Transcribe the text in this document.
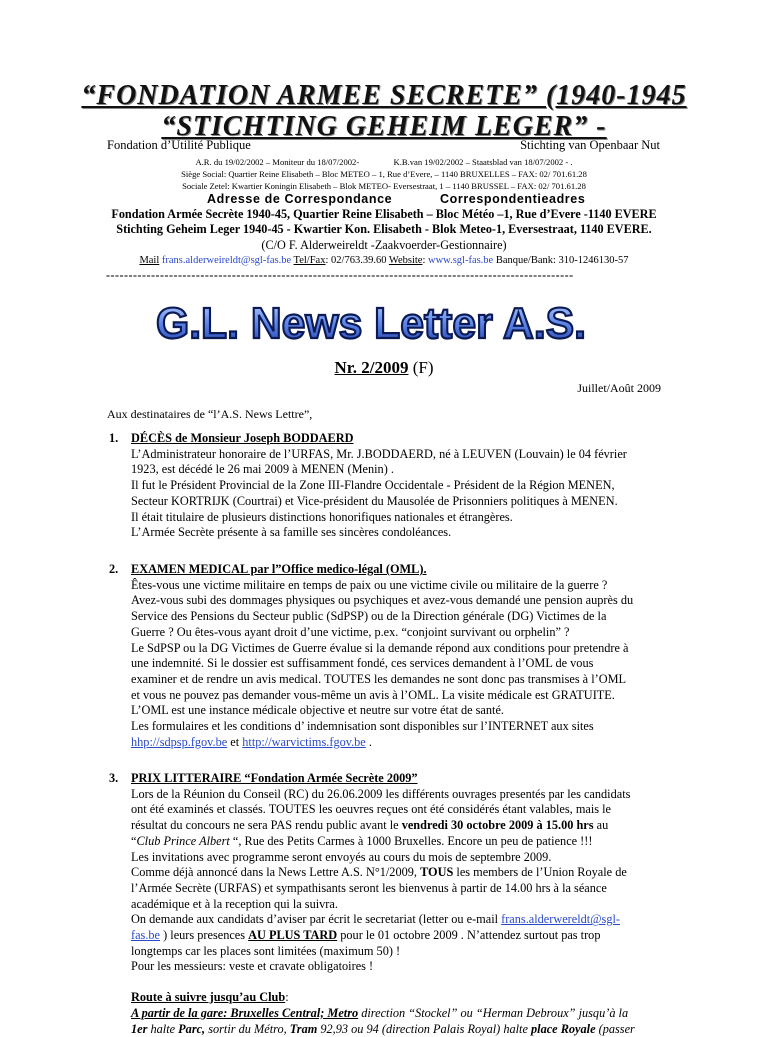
“FONDATION ARMEE SECRETE” (1940-1945
“STICHTING GEHEIM LEGER” -
Fondation d’Utilité Publique	Stichting van Openbaar Nut
A.R. du 19/02/2002 – Moniteur du 18/07/2002-	K.B.van 19/02/2002 – Staatsblad van 18/07/2002 - .
Siège Social: Quartier Reine Elisabeth – Bloc METEO – 1, Rue d’Evere, – 1140 BRUXELLES – FAX: 02/ 701.61.28
Sociale Zetel: Kwartier Koningin Elisabeth – Blok METEO- Eversestraat, 1 – 1140 BRUSSEL – FAX: 02/ 701.61.28
Adresse de Correspondance	Correspondentieadres
Fondation Armée Secrète 1940-45, Quartier Reine Elisabeth – Bloc Météo –1, Rue d’Evere -1140 EVERE
Stichting Geheim Leger 1940-45 - Kwartier Kon. Elisabeth - Blok Meteo-1, Eversestraat, 1140 EVERE.
(C/O F. Alderweireldt -Zaakvoerder-Gestionnaire)
Mail frans.alderweireldt@sgl-fas.be Tel/Fax: 02/763.39.60 Website: www.sgl-fas.be Banque/Bank: 310-1246130-57
--------------------------------------------------------------------------------------------------------
G.L. News Letter A.S.
Nr. 2/2009 (F)
Juillet/Août 2009
Aux destinataires de “l’A.S. News Lettre”,
1. DÉCÈS de Monsieur Joseph BODDAERD

L’Administrateur honoraire de l’URFAS, Mr. J.BODDAERD, né à LEUVEN (Louvain) le 04 février

1923, est décédé le 26 mai 2009 à MENEN (Menin) .

Il fut le Président Provincial de la Zone III-Flandre Occidentale - Président de la Région MENEN,

Secteur KORTRIJK (Courtrai) et Vice-président du Mausolée de Prisonniers politiques à MENEN.

Il était titulaire de plusieurs distinctions honorifiques nationales et étrangères.

L’Armée Secrète présente à sa famille ses sincères condoléances.

2. EXAMEN MEDICAL par l”Office medico-légal (OML).

Êtes-vous une victime militaire en temps de paix ou une victime civile ou militaire de la guerre ?

Avez-vous subi des dommages physiques ou psychiques et avez-vous demandé une pension auprès du

Service des Pensions du Secteur public (SdPSP) ou de la Direction générale (DG) Victimes de la

Guerre ? Ou êtes-vous ayant droit d’une victime, p.ex. “conjoint survivant ou orphelin” ?

Le SdPSP ou la DG Victimes de Guerre évalue si la demande répond aux conditions pour pretendre à

une indemnité. Si le dossier est suffisamment fondé, ces services demandent à l’OML de vous

examiner et de rendre un avis medical. TOUTES les demandes ne sont donc pas transmises à l’OML

et vous ne pouvez pas demander vous-même un avis à l’OML. La visite médicale est GRATUITE.

L’OML est une instance médicale objective et neutre sur votre état de santé.

Les formulaires et les conditions d’ indemnisation sont disponibles sur l’INTERNET aux sites

hhp://sdpsp.fgov.be et http://warvictims.fgov.be .

3. PRIX LITTERAIRE “Fondation Armée Secrète 2009”

Lors de la Réunion du Conseil (RC) du 26.06.2009 les différents ouvrages presentés par les candidats

ont été examinés et classés. TOUTES les oeuvres reçues ont été considérés étant valables, mais le

résultat du concours ne sera PAS rendu public avant le vendredi 30 octobre 2009 à 15.00 hrs au

“Club Prince Albert “, Rue des Petits Carmes à 1000 Bruxelles. Encore un peu de patience !!!

Les invitations avec programme seront envoyés au cours du mois de septembre 2009.

Comme déjà annoncé dans la News Lettre A.S. N°1/2009, TOUS les members de l’Union Royale de

l’Armée Secrète (URFAS) et sympathisants seront les bienvenus à partir de 14.00 hrs à la séance

académique et à la reception qui la suivra.

On demande aux candidats d’aviser par écrit le secretariat (letter ou e-mail frans.alderwereldt@sgl-

fas.be ) leurs presences AU PLUS TARD pour le 01 octobre 2009 . N’attendez surtout pas trop

longtemps car les places sont limitées (maximum 50) !

Pour les messieurs: veste et cravate obligatoires !

Route à suivre jusqu’au Club:

A partir de la gare: Bruxelles Central; Metro direction “Stockel” ou “Herman Debroux” jusqu’à la

1er halte Parc, sortir du Métro, Tram 92,93 ou 94 (direction Palais Royal) halte place Royale (passer
